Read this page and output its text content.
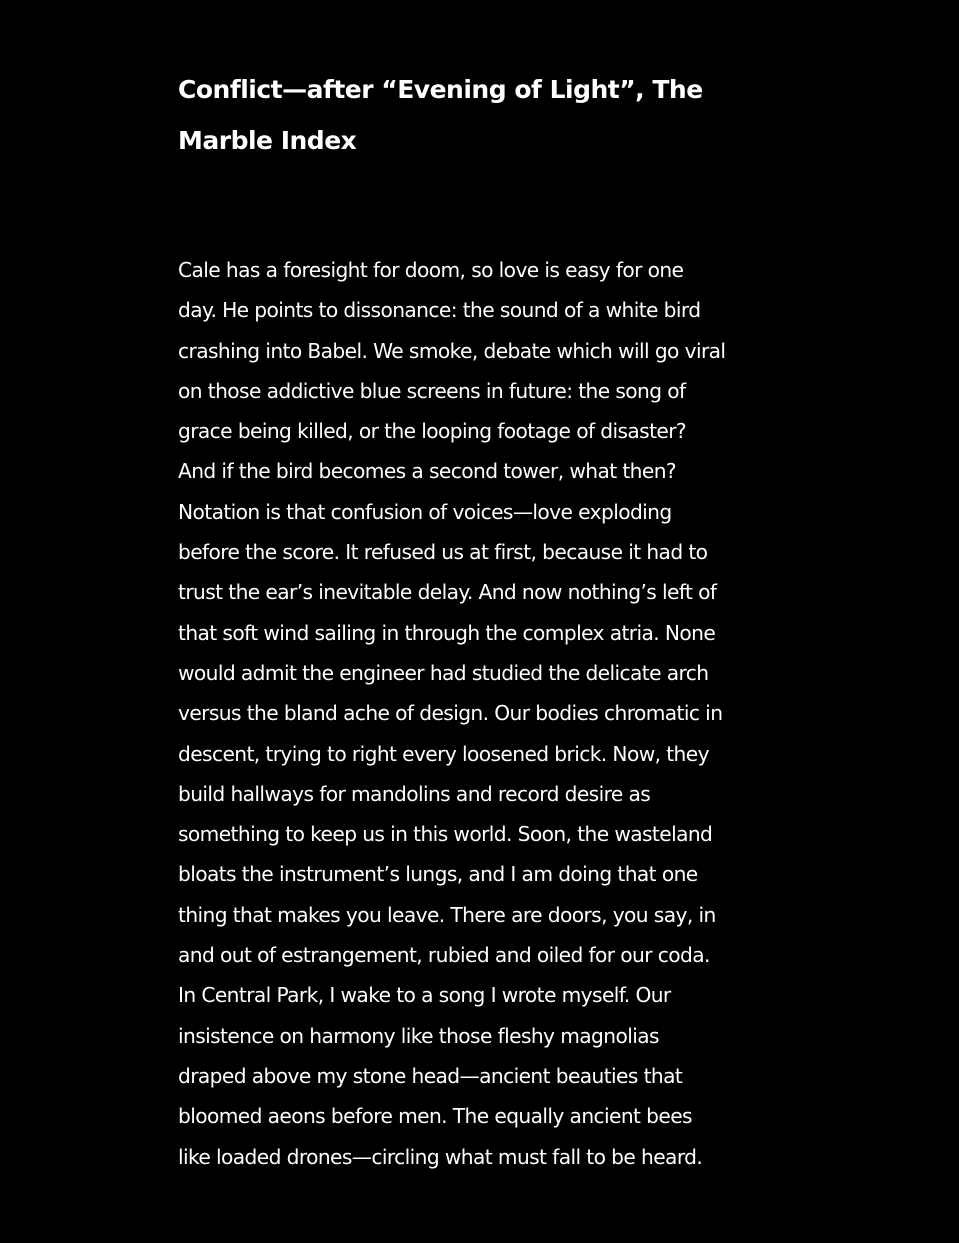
Conflict—after “Evening of Light”, The Marble Index

Cale has a foresight for doom, so love is easy for one
day. He points to dissonance: the sound of a white bird
crashing into Babel. We smoke, debate which will go viral
on those addictive blue screens in future: the song of
grace being killed, or the looping footage of disaster?
And if the bird becomes a second tower, what then?
Notation is that confusion of voices—love exploding
before the score. It refused us at first, because it had to
trust the ear’s inevitable delay. And now nothing’s left of
that soft wind sailing in through the complex atria. None
would admit the engineer had studied the delicate arch
versus the bland ache of design. Our bodies chromatic in
descent, trying to right every loosened brick. Now, they
build hallways for mandolins and record desire as
something to keep us in this world. Soon, the wasteland
bloats the instrument’s lungs, and I am doing that one
thing that makes you leave. There are doors, you say, in
and out of estrangement, rubied and oiled for our coda.
In Central Park, I wake to a song I wrote myself. Our
insistence on harmony like those fleshy magnolias
draped above my stone head—ancient beauties that
bloomed aeons before men. The equally ancient bees
like loaded drones—circling what must fall to be heard.
